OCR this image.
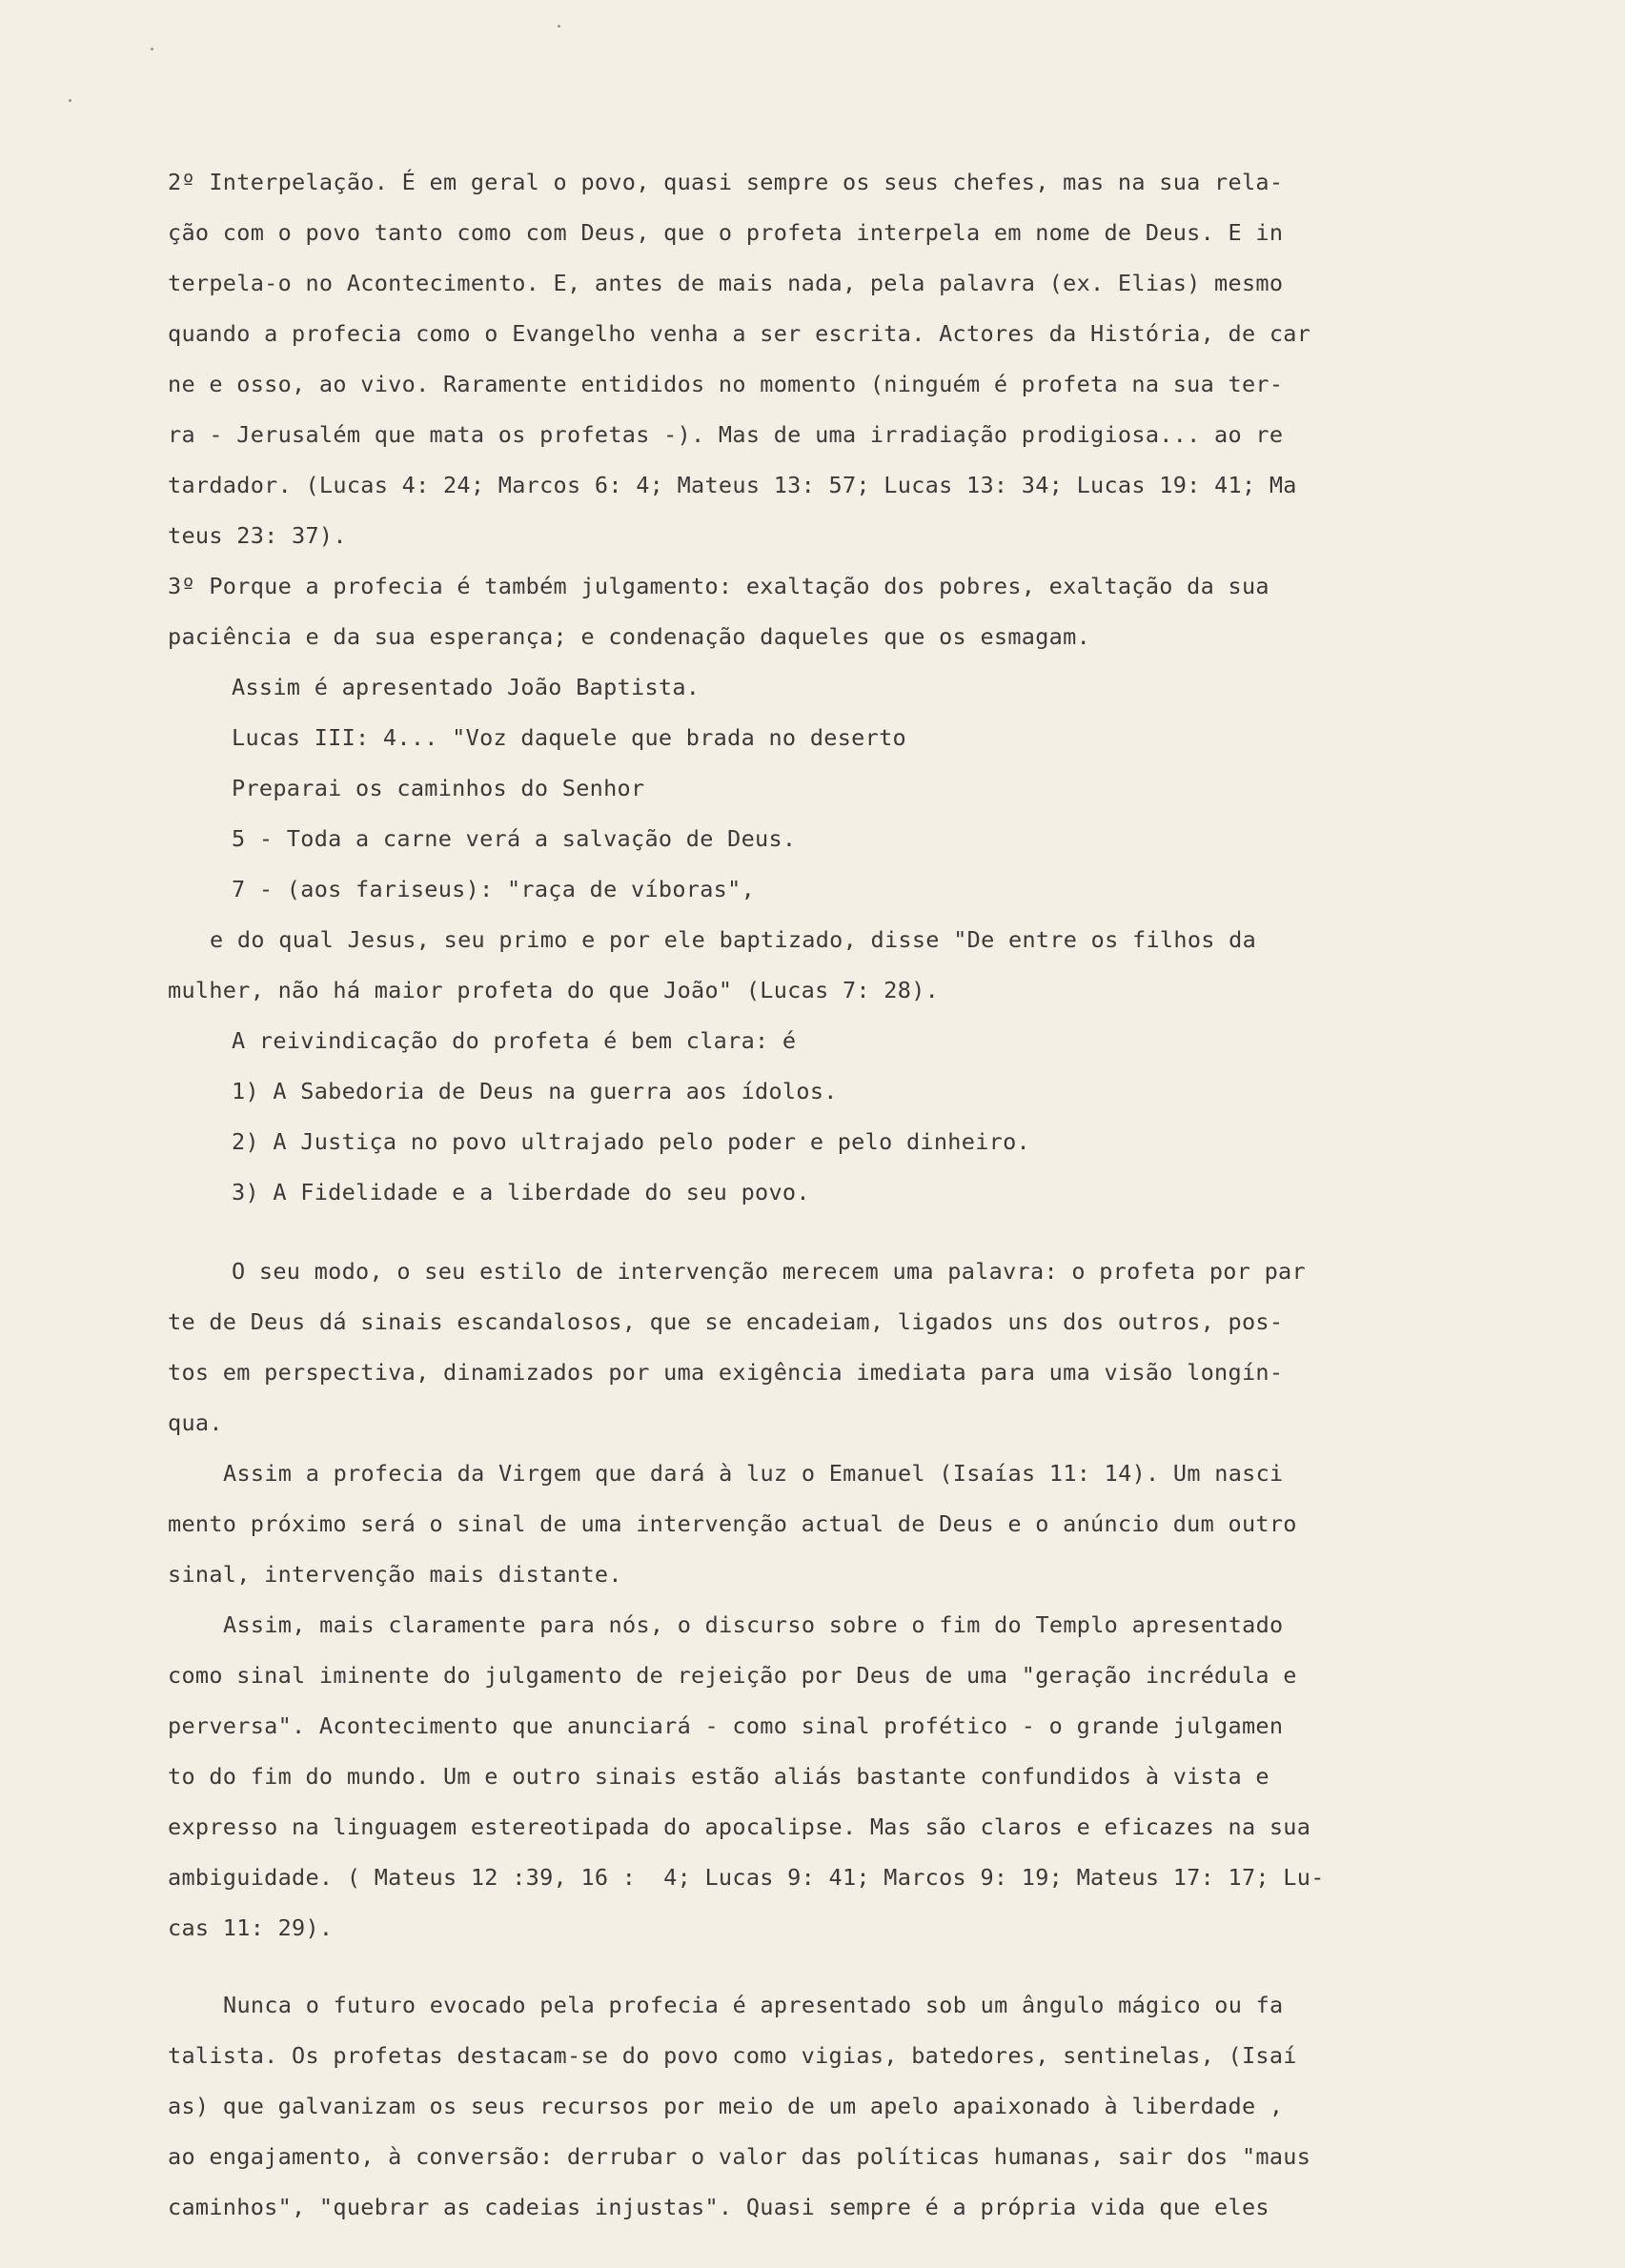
2º Interpelação. É em geral o povo, quasi sempre os seus chefes, mas na sua rela-
ção com o povo tanto como com Deus, que o profeta interpela em nome de Deus. E in
terpela-o no Acontecimento. E, antes de mais nada, pela palavra (ex. Elias) mesmo
quando a profecia como o Evangelho venha a ser escrita. Actores da História, de car
ne e osso, ao vivo. Raramente entididos no momento (ninguém é profeta na sua ter-
ra - Jerusalém que mata os profetas -). Mas de uma irradiação prodigiosa... ao re
tardador. (Lucas 4: 24; Marcos 6: 4; Mateus 13: 57; Lucas 13: 34; Lucas 19: 41; Ma
teus 23: 37).
3º Porque a profecia é também julgamento: exaltação dos pobres, exaltação da sua
paciência e da sua esperança; e condenação daqueles que os esmagam.
Assim é apresentado João Baptista.
Lucas III: 4... "Voz daquele que brada no deserto
Preparai os caminhos do Senhor
5 - Toda a carne verá a salvação de Deus.
7 - (aos fariseus): "raça de víboras",
e do qual Jesus, seu primo e por ele baptizado, disse "De entre os filhos da
mulher, não há maior profeta do que João" (Lucas 7: 28).
A reivindicação do profeta é bem clara: é
1) A Sabedoria de Deus na guerra aos ídolos.
2) A Justiça no povo ultrajado pelo poder e pelo dinheiro.
3) A Fidelidade e a liberdade do seu povo.
O seu modo, o seu estilo de intervenção merecem uma palavra: o profeta por par
te de Deus dá sinais escandalosos, que se encadeiam, ligados uns dos outros, pos-
tos em perspectiva, dinamizados por uma exigência imediata para uma visão longín-
qua.
Assim a profecia da Virgem que dará à luz o Emanuel (Isaías 11: 14). Um nasci
mento próximo será o sinal de uma intervenção actual de Deus e o anúncio dum outro
sinal, intervenção mais distante.
Assim, mais claramente para nós, o discurso sobre o fim do Templo apresentado
como sinal iminente do julgamento de rejeição por Deus de uma "geração incrédula e
perversa". Acontecimento que anunciará - como sinal profético - o grande julgamen
to do fim do mundo. Um e outro sinais estão aliás bastante confundidos à vista e
expresso na linguagem estereotipada do apocalipse. Mas são claros e eficazes na sua
ambiguidade. ( Mateus 12 :39, 16 :  4; Lucas 9: 41; Marcos 9: 19; Mateus 17: 17; Lu-
cas 11: 29).
Nunca o futuro evocado pela profecia é apresentado sob um ângulo mágico ou fa
talista. Os profetas destacam-se do povo como vigias, batedores, sentinelas, (Isaí
as) que galvanizam os seus recursos por meio de um apelo apaixonado à liberdade ,
ao engajamento, à conversão: derrubar o valor das políticas humanas, sair dos "maus
caminhos", "quebrar as cadeias injustas". Quasi sempre é a própria vida que eles
